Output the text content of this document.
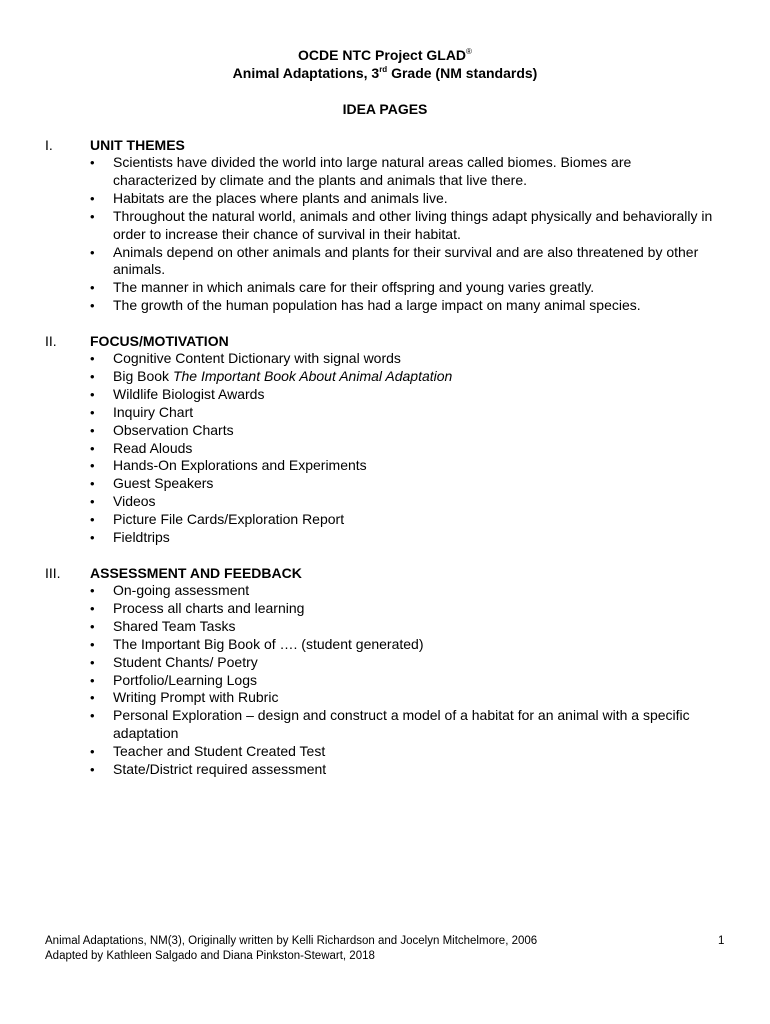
OCDE NTC Project GLAD®
Animal Adaptations, 3rd Grade (NM standards)
IDEA PAGES
I.	UNIT THEMES
• Scientists have divided the world into large natural areas called biomes. Biomes are characterized by climate and the plants and animals that live there.
• Habitats are the places where plants and animals live.
• Throughout the natural world, animals and other living things adapt physically and behaviorally in order to increase their chance of survival in their habitat.
• Animals depend on other animals and plants for their survival and are also threatened by other animals.
• The manner in which animals care for their offspring and young varies greatly.
• The growth of the human population has had a large impact on many animal species.
II. FOCUS/MOTIVATION
• Cognitive Content Dictionary with signal words
• Big Book The Important Book About Animal Adaptation
• Wildlife Biologist Awards
• Inquiry Chart
• Observation Charts
• Read Alouds
• Hands-On Explorations and Experiments
• Guest Speakers
• Videos
• Picture File Cards/Exploration Report
• Fieldtrips
III. ASSESSMENT AND FEEDBACK
• On-going assessment
• Process all charts and learning
• Shared Team Tasks
• The Important Big Book of …. (student generated)
• Student Chants/ Poetry
• Portfolio/Learning Logs
• Writing Prompt with Rubric
• Personal Exploration – design and construct a model of a habitat for an animal with a specific adaptation
• Teacher and Student Created Test
• State/District required assessment
Animal Adaptations, NM(3), Originally written by Kelli Richardson and Jocelyn Mitchelmore, 2006
Adapted by Kathleen Salgado and Diana Pinkston-Stewart, 2018
1
